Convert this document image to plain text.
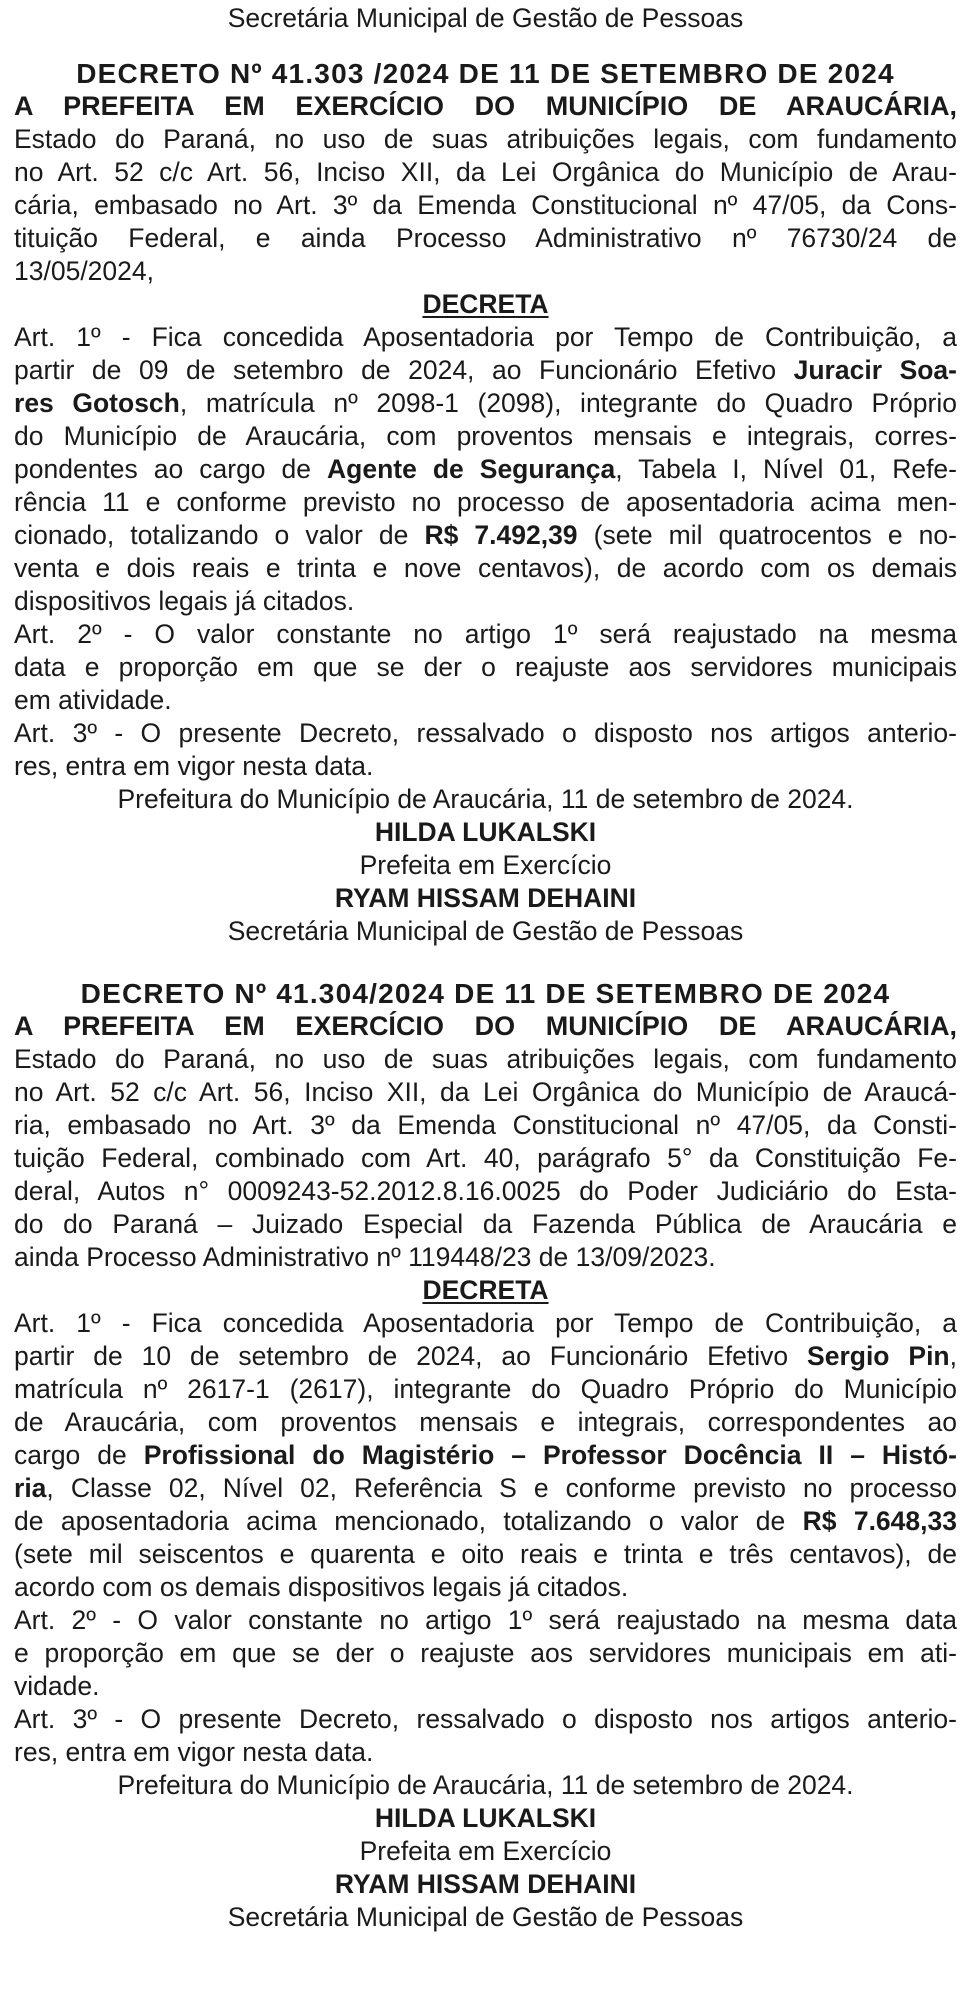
Secretária Municipal de Gestão de Pessoas
DECRETO Nº 41.303 /2024 DE 11 DE SETEMBRO DE 2024
A PREFEITA EM EXERCÍCIO DO MUNICÍPIO DE ARAUCÁRIA,
Estado do Paraná, no uso de suas atribuições legais, com fundamento
no Art. 52 c/c Art. 56, Inciso XII, da Lei Orgânica do Município de Arau-
cária, embasado no Art. 3º da Emenda Constitucional nº 47/05, da Cons-
tituição Federal, e ainda Processo Administrativo nº 76730/24 de
13/05/2024,
DECRETA
Art. 1º - Fica concedida Aposentadoria por Tempo de Contribuição, a
partir de 09 de setembro de 2024, ao Funcionário Efetivo Juracir Soa-
res Gotosch, matrícula nº 2098-1 (2098), integrante do Quadro Próprio
do Município de Araucária, com proventos mensais e integrais, corres-
pondentes ao cargo de Agente de Segurança, Tabela I, Nível 01, Refe-
rência 11 e conforme previsto no processo de aposentadoria acima men-
cionado, totalizando o valor de R$ 7.492,39 (sete mil quatrocentos e no-
venta e dois reais e trinta e nove centavos), de acordo com os demais
dispositivos legais já citados.
Art. 2º - O valor constante no artigo 1º será reajustado na mesma
data e proporção em que se der o reajuste aos servidores municipais
em atividade.
Art. 3º - O presente Decreto, ressalvado o disposto nos artigos anterio-
res, entra em vigor nesta data.
Prefeitura do Município de Araucária, 11 de setembro de 2024.
HILDA LUKALSKI
Prefeita em Exercício
RYAM HISSAM DEHAINI
Secretária Municipal de Gestão de Pessoas
DECRETO Nº 41.304/2024 DE 11 DE SETEMBRO DE 2024
A PREFEITA EM EXERCÍCIO DO MUNICÍPIO DE ARAUCÁRIA,
Estado do Paraná, no uso de suas atribuições legais, com fundamento
no Art. 52 c/c Art. 56, Inciso XII, da Lei Orgânica do Município de Araucá-
ria, embasado no Art. 3º da Emenda Constitucional nº 47/05, da Consti-
tuição Federal, combinado com Art. 40, parágrafo 5° da Constituição Fe-
deral, Autos n° 0009243-52.2012.8.16.0025 do Poder Judiciário do Esta-
do do Paraná – Juizado Especial da Fazenda Pública de Araucária e
ainda Processo Administrativo nº 119448/23 de 13/09/2023.
DECRETA
Art. 1º - Fica concedida Aposentadoria por Tempo de Contribuição, a
partir de 10 de setembro de 2024, ao Funcionário Efetivo Sergio Pin,
matrícula nº 2617-1 (2617), integrante do Quadro Próprio do Município
de Araucária, com proventos mensais e integrais, correspondentes ao
cargo de Profissional do Magistério – Professor Docência II – Histó-
ria, Classe 02, Nível 02, Referência S e conforme previsto no processo
de aposentadoria acima mencionado, totalizando o valor de R$ 7.648,33
(sete mil seiscentos e quarenta e oito reais e trinta e três centavos), de
acordo com os demais dispositivos legais já citados.
Art. 2º - O valor constante no artigo 1º será reajustado na mesma data
e proporção em que se der o reajuste aos servidores municipais em ati-
vidade.
Art. 3º - O presente Decreto, ressalvado o disposto nos artigos anterio-
res, entra em vigor nesta data.
Prefeitura do Município de Araucária, 11 de setembro de 2024.
HILDA LUKALSKI
Prefeita em Exercício
RYAM HISSAM DEHAINI
Secretária Municipal de Gestão de Pessoas
